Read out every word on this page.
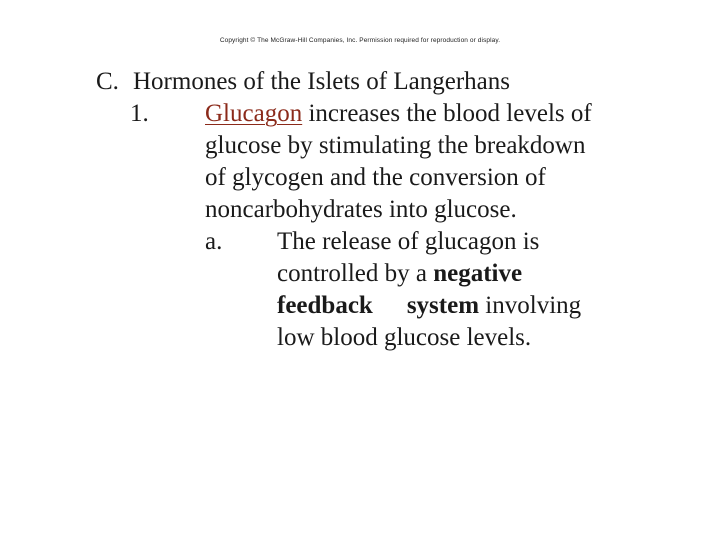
Copyright © The McGraw-Hill Companies, Inc. Permission required for reproduction or display.
C. Hormones of the Islets of Langerhans
1. Glucagon increases the blood levels of
glucose by stimulating the breakdown
of glycogen and the conversion of
noncarbohydrates into glucose.
a. The release of glucagon is
controlled by a negative
feedback system involving
low blood glucose levels.
